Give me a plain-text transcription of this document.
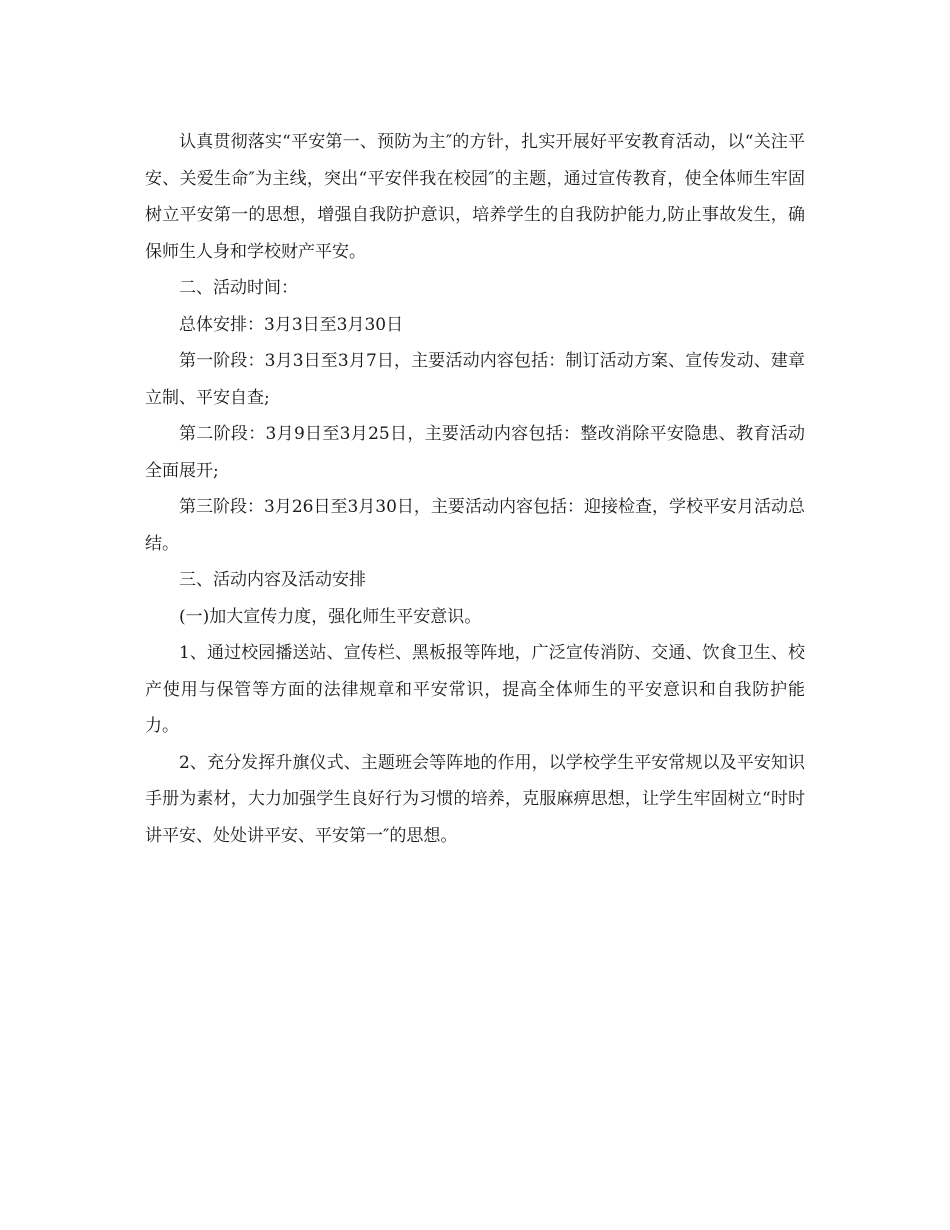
认真贯彻落实“平安第一、预防为主″的方针，扎实开展好平安教育活动，以“关注平安、关爱生命″为主线，突出“平安伴我在校园″的主题，通过宣传教育，使全体师生牢固树立平安第一的思想，增强自我防护意识，培养学生的自我防护能力,防止事故发生，确保师生人身和学校财产平安。

二、活动时间：

总体安排：3月3日至3月30日

第一阶段：3月3日至3月7日，主要活动内容包括：制订活动方案、宣传发动、建章立制、平安自查;

第二阶段：3月9日至3月25日，主要活动内容包括：整改消除平安隐患、教育活动全面展开;

第三阶段：3月26日至3月30日，主要活动内容包括：迎接检查，学校平安月活动总结。

三、活动内容及活动安排

(一)加大宣传力度，强化师生平安意识。

1、通过校园播送站、宣传栏、黑板报等阵地，广泛宣传消防、交通、饮食卫生、校产使用与保管等方面的法律规章和平安常识，提高全体师生的平安意识和自我防护能力。

2、充分发挥升旗仪式、主题班会等阵地的作用，以学校学生平安常规以及平安知识手册为素材，大力加强学生良好行为习惯的培养，克服麻痹思想，让学生牢固树立“时时讲平安、处处讲平安、平安第一″的思想。
